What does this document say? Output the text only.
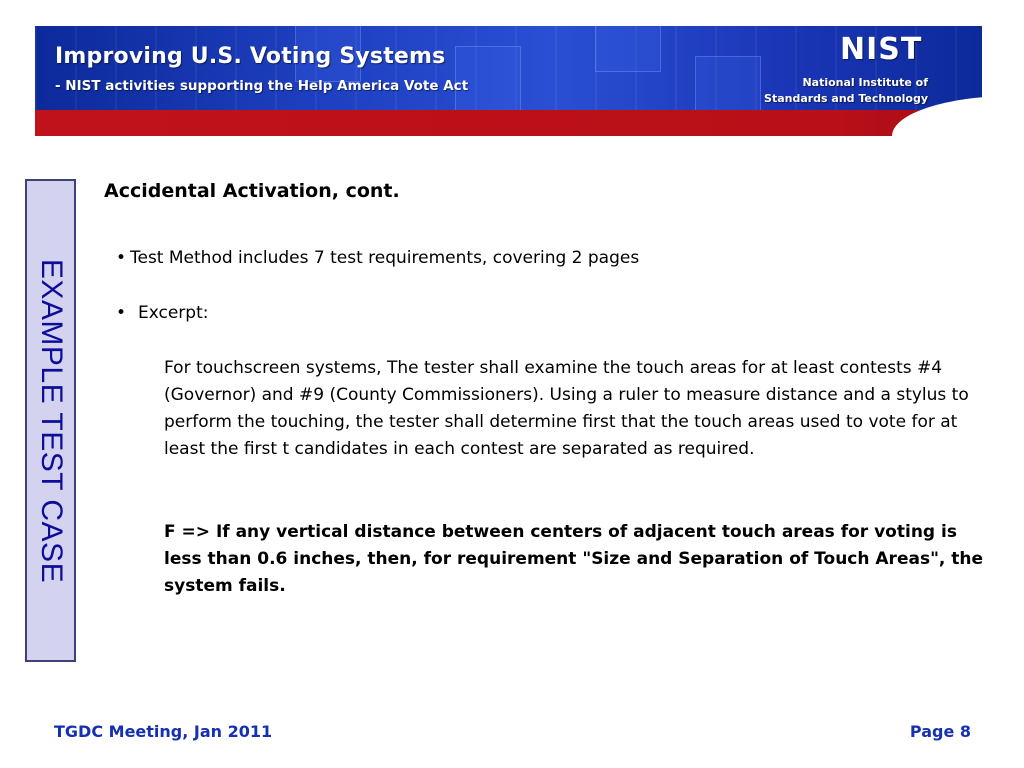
Improving U.S. Voting Systems

- NIST activities supporting the Help America Vote Act

NIST

National Institute of

Standards and Technology

EXAMPLE TEST CASE
Accidental Activation, cont.

• Test Method includes 7 test requirements, covering 2 pages

• Excerpt:

For touchscreen systems, The tester shall examine the touch areas for at least contests #4 (Governor) and #9 (County Commissioners). Using a ruler to measure distance and a stylus to perform the touching, the tester shall determine first that the touch areas used to vote for at least the first t candidates in each contest are separated as required.

F => If any vertical distance between centers of adjacent touch areas for voting is less than 0.6 inches, then, for requirement "Size and Separation of Touch Areas", the system fails.

TGDC Meeting, Jan 2011	Page 8
